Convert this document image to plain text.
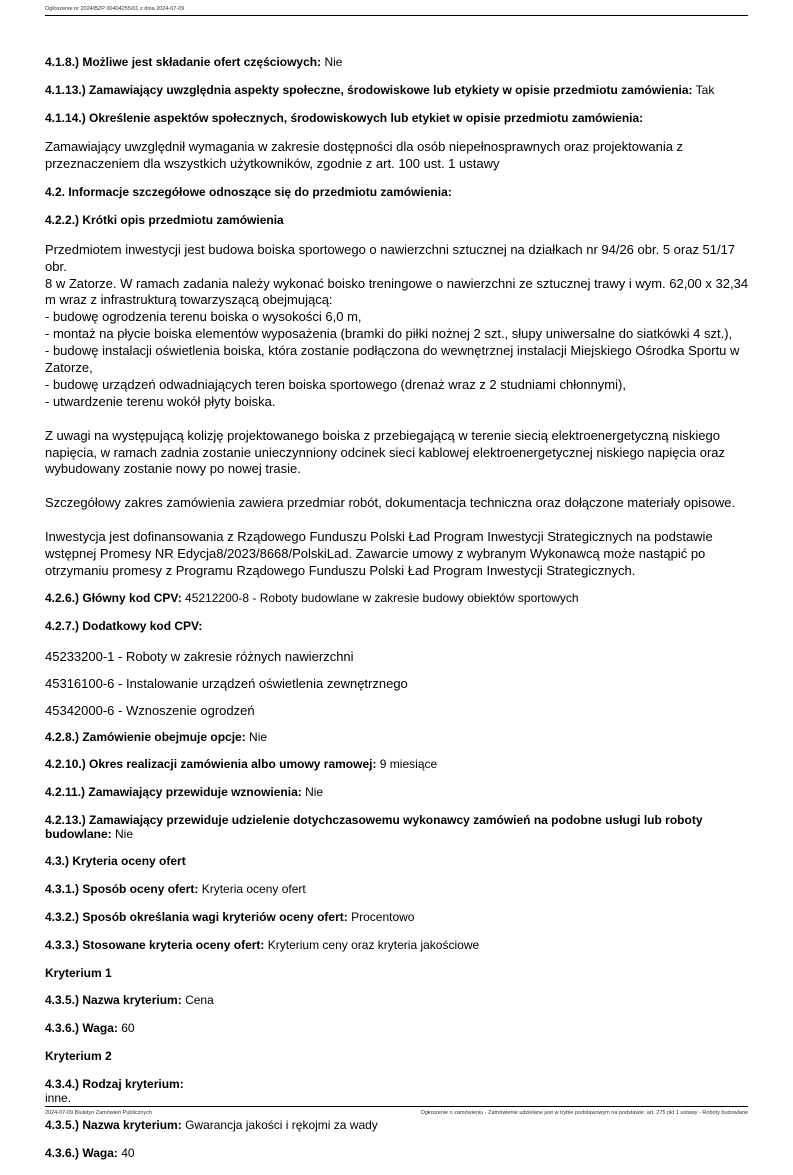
Ogłoszenie nr 2024/BZP 00404255/01 z dnia 2024-07-09
4.1.8.) Możliwe jest składanie ofert częściowych: Nie
4.1.13.) Zamawiający uwzględnia aspekty społeczne, środowiskowe lub etykiety w opisie przedmiotu zamówienia: Tak
4.1.14.) Określenie aspektów społecznych, środowiskowych lub etykiet w opisie przedmiotu zamówienia:
Zamawiający uwzględnił wymagania w zakresie dostępności dla osób niepełnosprawnych oraz projektowania z
przeznaczeniem dla wszystkich użytkowników, zgodnie z art. 100 ust. 1 ustawy
4.2. Informacje szczegółowe odnoszące się do przedmiotu zamówienia:
4.2.2.) Krótki opis przedmiotu zamówienia
Przedmiotem inwestycji jest budowa boiska sportowego o nawierzchni sztucznej na działkach nr 94/26 obr. 5 oraz 51/17 obr.
8 w Zatorze. W ramach zadania należy wykonać boisko treningowe o nawierzchni ze sztucznej trawy i wym. 62,00 x 32,34
m wraz z infrastrukturą towarzyszącą obejmującą:
- budowę ogrodzenia terenu boiska o wysokości 6,0 m,
- montaż na płycie boiska elementów wyposażenia (bramki do piłki nożnej 2 szt., słupy uniwersalne do siatkówki 4 szt.),
- budowę instalacji oświetlenia boiska, która zostanie podłączona do wewnętrznej instalacji Miejskiego Ośrodka Sportu w
Zatorze,
- budowę urządzeń odwadniających teren boiska sportowego (drenaż wraz z 2 studniami chłonnymi),
- utwardzenie terenu wokół płyty boiska.
Z uwagi na występującą kolizję projektowanego boiska z przebiegającą w terenie siecią elektroenergetyczną niskiego
napięcia, w ramach zadnia zostanie unieczynniony odcinek sieci kablowej elektroenergetycznej niskiego napięcia oraz
wybudowany zostanie nowy po nowej trasie.
Szczegółowy zakres zamówienia zawiera przedmiar robót, dokumentacja techniczna oraz dołączone materiały opisowe.
Inwestycja jest dofinansowania z Rządowego Funduszu Polski Ład Program Inwestycji Strategicznych na podstawie
wstępnej Promesy NR Edycja8/2023/8668/PolskiLad. Zawarcie umowy z wybranym Wykonawcą może nastąpić po
otrzymaniu promesy z Programu Rządowego Funduszu Polski Ład Program Inwestycji Strategicznych.
4.2.6.) Główny kod CPV: 45212200-8 - Roboty budowlane w zakresie budowy obiektów sportowych
4.2.7.) Dodatkowy kod CPV:
45233200-1 - Roboty w zakresie różnych nawierzchni
45316100-6 - Instalowanie urządzeń oświetlenia zewnętrznego
45342000-6 - Wznoszenie ogrodzeń
4.2.8.) Zamówienie obejmuje opcje: Nie
4.2.10.) Okres realizacji zamówienia albo umowy ramowej: 9 miesiące
4.2.11.) Zamawiający przewiduje wznowienia: Nie
4.2.13.) Zamawiający przewiduje udzielenie dotychczasowemu wykonawcy zamówień na podobne usługi lub roboty budowlane: Nie
4.3.) Kryteria oceny ofert
4.3.1.) Sposób oceny ofert: Kryteria oceny ofert
4.3.2.) Sposób określania wagi kryteriów oceny ofert: Procentowo
4.3.3.) Stosowane kryteria oceny ofert: Kryterium ceny oraz kryteria jakościowe
Kryterium 1
4.3.5.) Nazwa kryterium: Cena
4.3.6.) Waga: 60
Kryterium 2
4.3.4.) Rodzaj kryterium:
inne.
4.3.5.) Nazwa kryterium: Gwarancja jakości i rękojmi za wady
4.3.6.) Waga: 40
2024-07-09 Biuletyn Zamówień Publicznych	Ogłoszenie o zamówieniu - Zamówienie udzielane jest w trybie podstawowym na podstawie: art. 275 pkt 1 ustawy - Roboty budowlane
